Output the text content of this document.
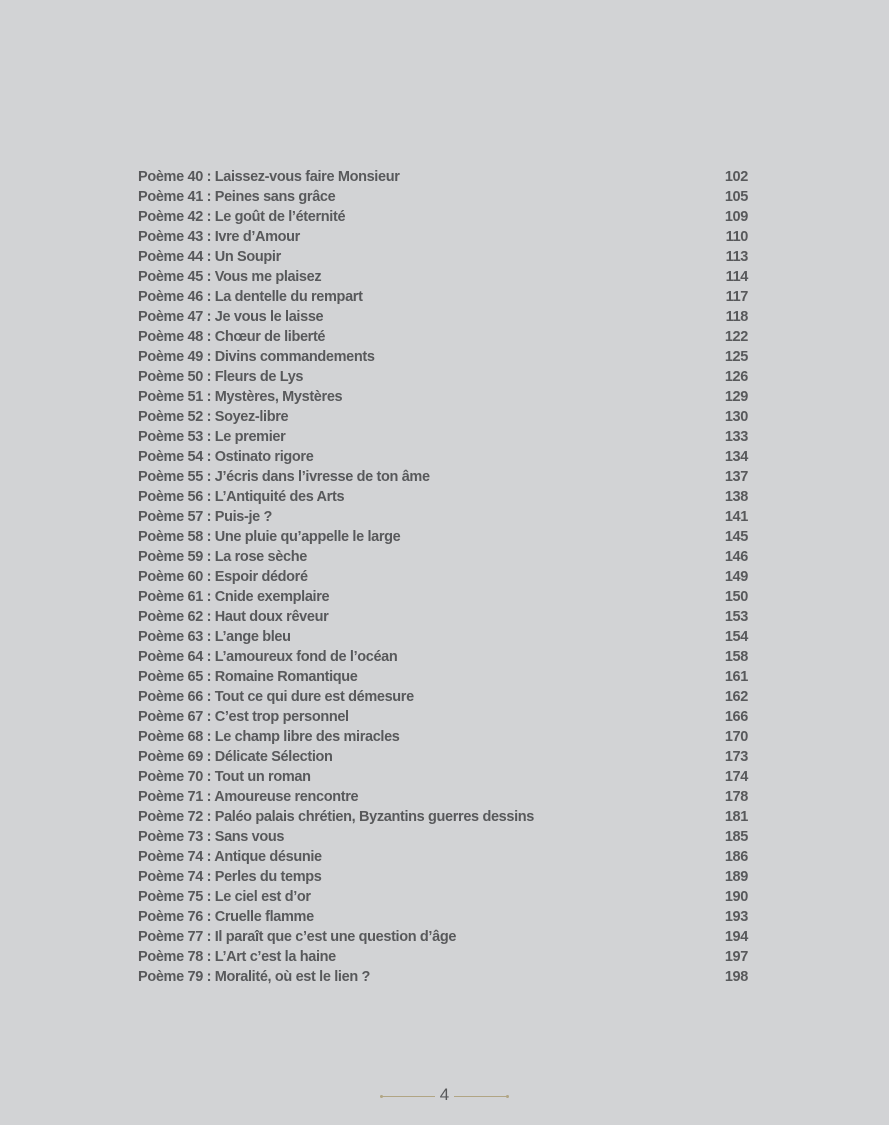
Poème 40 : Laissez-vous faire Monsieur	102
Poème 41 : Peines sans grâce	105
Poème 42 : Le goût de l’éternité	109
Poème 43 : Ivre d’Amour	110
Poème 44 : Un Soupir	113
Poème 45 : Vous me plaisez	114
Poème 46 : La dentelle du rempart	117
Poème 47 : Je vous le laisse	118
Poème 48 : Chœur de liberté	122
Poème 49 : Divins commandements	125
Poème 50 : Fleurs de Lys	126
Poème 51 : Mystères, Mystères	129
Poème 52 : Soyez-libre	130
Poème 53 : Le premier	133
Poème 54 : Ostinato rigore	134
Poème 55 : J’écris dans l’ivresse de ton âme	137
Poème 56 : L’Antiquité des Arts	138
Poème 57 : Puis-je ?	141
Poème 58 : Une pluie qu’appelle le large	145
Poème 59 : La rose sèche	146
Poème 60 : Espoir dédoré	149
Poème 61 : Cnide exemplaire	150
Poème 62 : Haut doux rêveur	153
Poème 63 : L’ange bleu	154
Poème 64 : L’amoureux fond de l’océan	158
Poème 65 : Romaine Romantique	161
Poème 66 : Tout ce qui dure est démesure	162
Poème 67 : C’est trop personnel	166
Poème 68 : Le champ libre des miracles	170
Poème 69 : Délicate Sélection	173
Poème 70 : Tout un roman	174
Poème 71 : Amoureuse rencontre	178
Poème 72 : Paléo palais chrétien, Byzantins guerres dessins	181
Poème 73 : Sans vous	185
Poème 74 : Antique désunie	186
Poème 74 : Perles du temps	189
Poème 75 : Le ciel est d’or	190
Poème 76 : Cruelle flamme	193
Poème 77 : Il paraît que c’est une question d’âge	194
Poème 78 : L’Art c’est la haine	197
Poème 79 : Moralité, où est le lien ?	198
4
